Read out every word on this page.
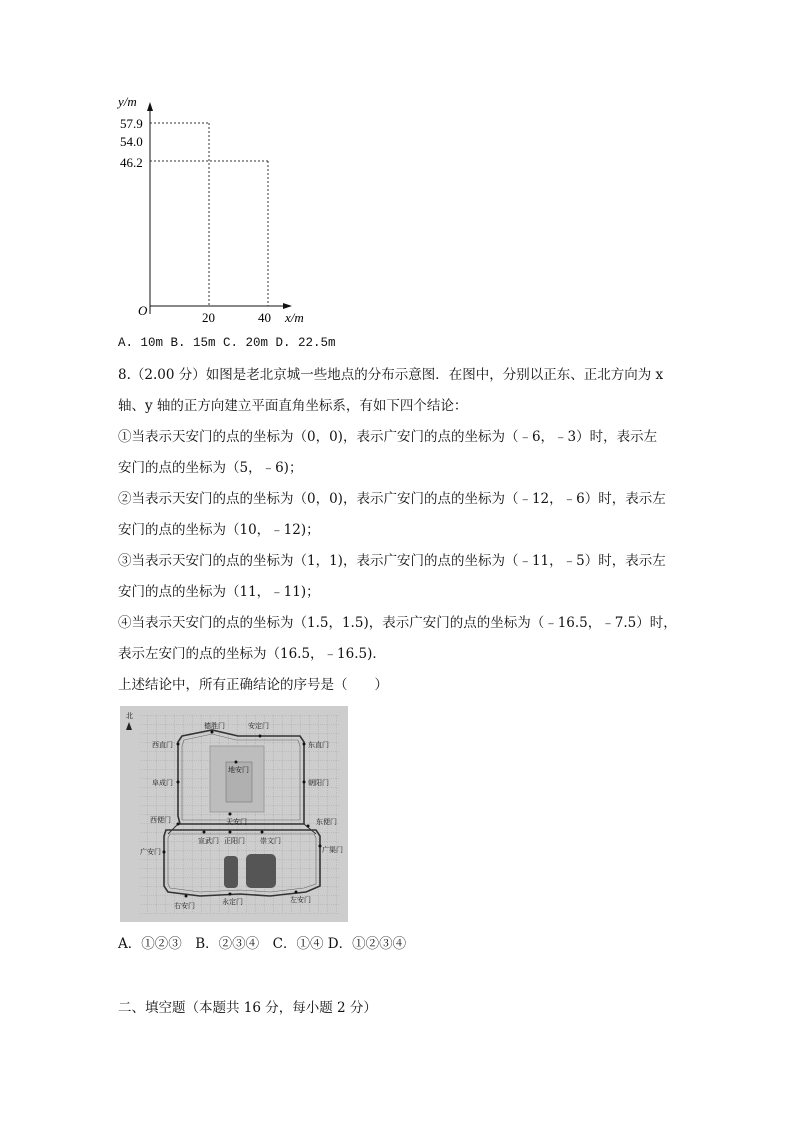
y/m
O
57.9
54.0
46.2
20	40 x/m
A. 10m B. 15m C. 20m D. 22.5m
8.（2.00 分）如图是老北京城一些地点的分布示意图．在图中，分别以正东、正北方向为 x
轴、y 轴的正方向建立平面直角坐标系，有如下四个结论：
①当表示天安门的点的坐标为（0，0)，表示广安门的点的坐标为（﹣6，﹣3）时，表示左
安门的点的坐标为（5，﹣6)；
②当表示天安门的点的坐标为（0，0)，表示广安门的点的坐标为（﹣12，﹣6）时，表示左
安门的点的坐标为（10，﹣12)；
③当表示天安门的点的坐标为（1，1)，表示广安门的点的坐标为（﹣11，﹣5）时，表示左
安门的点的坐标为（11，﹣11)；
④当表示天安门的点的坐标为（1.5，1.5)，表示广安门的点的坐标为（﹣16.5，﹣7.5）时，
表示左安门的点的坐标为（16.5，﹣16.5)．
上述结论中，所有正确结论的序号是（　　）
北
德胜门	安定门
西直门	东直门
地安门
阜成门	朝阳门
天安门
西便门	东便门
广安门
宣武门 正阳门 崇文门
广渠门
右安门	永定门	左安门
A．①②③　B．②③④　C．①④ D．①②③④
二、填空题（本题共 16 分，每小题 2 分）
